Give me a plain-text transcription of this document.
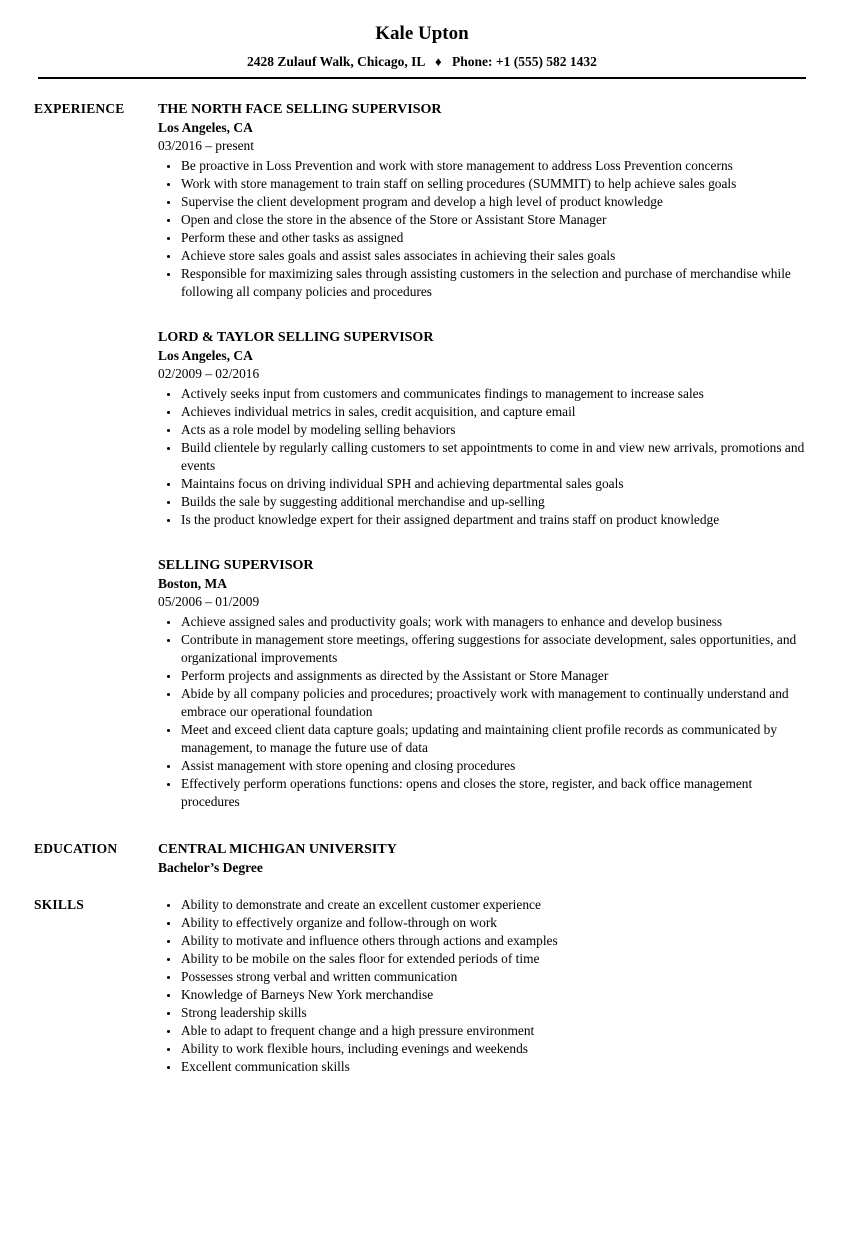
Kale Upton
2428 Zulauf Walk, Chicago, IL ♦ Phone: +1 (555) 582 1432
EXPERIENCE	THE NORTH FACE SELLING SUPERVISOR
Los Angeles, CA
03/2016 – present
• Be proactive in Loss Prevention and work with store management to address Loss Prevention concerns
• Work with store management to train staff on selling procedures (SUMMIT) to help achieve sales goals
• Supervise the client development program and develop a high level of product knowledge
• Open and close the store in the absence of the Store or Assistant Store Manager
• Perform these and other tasks as assigned
• Achieve store sales goals and assist sales associates in achieving their sales goals
• Responsible for maximizing sales through assisting customers in the selection and purchase of merchandise while following all company policies and procedures
LORD & TAYLOR SELLING SUPERVISOR
Los Angeles, CA
02/2009 – 02/2016
• Actively seeks input from customers and communicates findings to management to increase sales
• Achieves individual metrics in sales, credit acquisition, and capture email
• Acts as a role model by modeling selling behaviors
• Build clientele by regularly calling customers to set appointments to come in and view new arrivals, promotions and events
• Maintains focus on driving individual SPH and achieving departmental sales goals
• Builds the sale by suggesting additional merchandise and up-selling
• Is the product knowledge expert for their assigned department and trains staff on product knowledge
SELLING SUPERVISOR
Boston, MA
05/2006 – 01/2009
• Achieve assigned sales and productivity goals; work with managers to enhance and develop business
• Contribute in management store meetings, offering suggestions for associate development, sales opportunities, and organizational improvements
• Perform projects and assignments as directed by the Assistant or Store Manager
• Abide by all company policies and procedures; proactively work with management to continually understand and embrace our operational foundation
• Meet and exceed client data capture goals; updating and maintaining client profile records as communicated by management, to manage the future use of data
• Assist management with store opening and closing procedures
• Effectively perform operations functions: opens and closes the store, register, and back office management procedures
EDUCATION	CENTRAL MICHIGAN UNIVERSITY
Bachelor’s Degree
SKILLS	• Ability to demonstrate and create an excellent customer experience
• Ability to effectively organize and follow-through on work
• Ability to motivate and influence others through actions and examples
• Ability to be mobile on the sales floor for extended periods of time
• Possesses strong verbal and written communication
• Knowledge of Barneys New York merchandise
• Strong leadership skills
• Able to adapt to frequent change and a high pressure environment
• Ability to work flexible hours, including evenings and weekends
• Excellent communication skills
